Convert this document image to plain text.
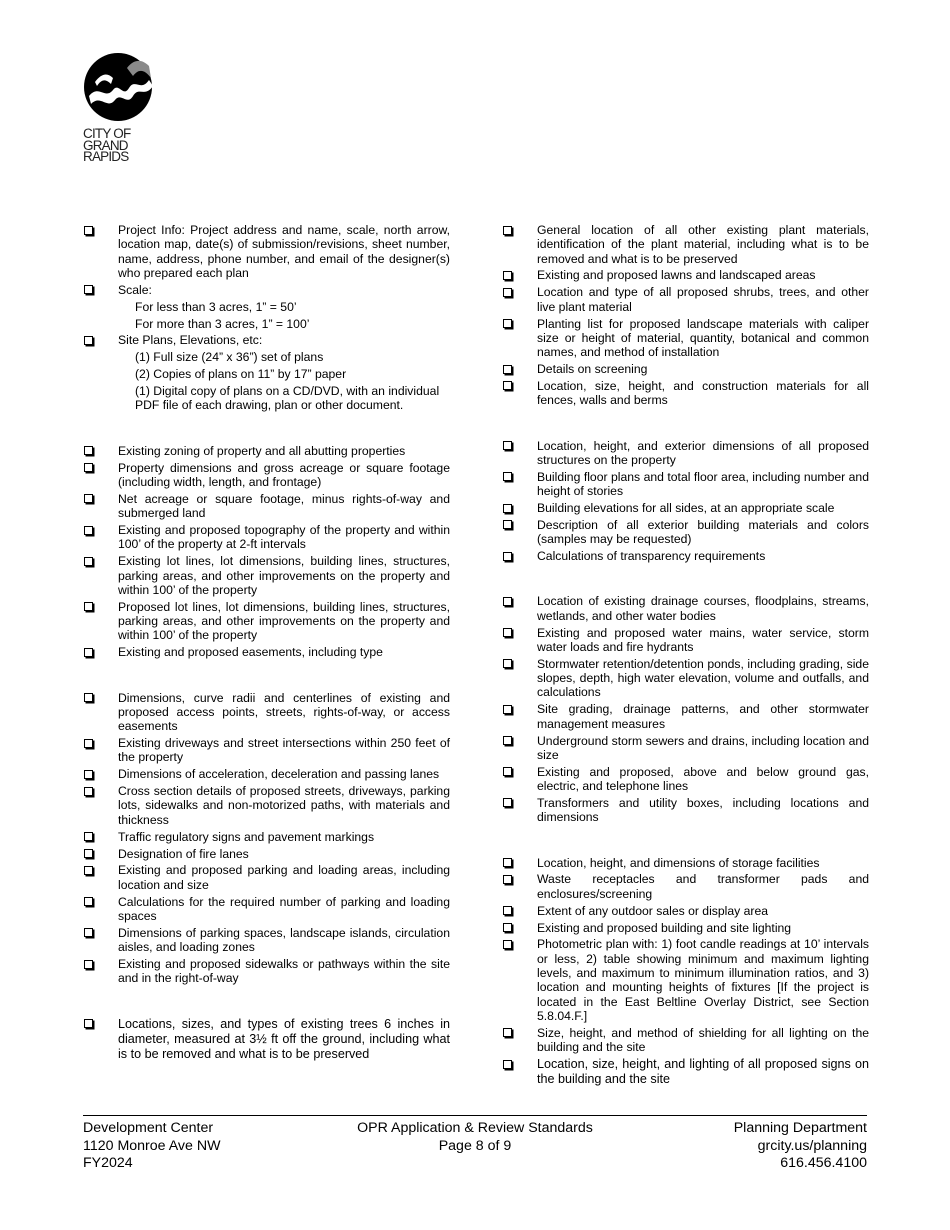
CITY OF
GRAND
RAPIDS
Project Info: Project address and name, scale, north arrow, location map, date(s) of submission/revisions, sheet number, name, address, phone number, and email of the designer(s) who prepared each plan
Scale:
For less than 3 acres, 1” = 50’
For more than 3 acres, 1” = 100’
Site Plans, Elevations, etc:
(1) Full size (24” x 36”) set of plans
(2) Copies of plans on 11” by 17” paper
(1) Digital copy of plans on a CD/DVD, with an individual PDF file of each drawing, plan or other document.
Existing zoning of property and all abutting properties
Property dimensions and gross acreage or square footage (including width, length, and frontage)
Net acreage or square footage, minus rights-of-way and submerged land
Existing and proposed topography of the property and within 100’ of the property at 2-ft intervals
Existing lot lines, lot dimensions, building lines, structures, parking areas, and other improvements on the property and within 100’ of the property
Proposed lot lines, lot dimensions, building lines, structures, parking areas, and other improvements on the property and within 100’ of the property
Existing and proposed easements, including type
Dimensions, curve radii and centerlines of existing and proposed access points, streets, rights-of-way, or access easements
Existing driveways and street intersections within 250 feet of the property
Dimensions of acceleration, deceleration and passing lanes
Cross section details of proposed streets, driveways, parking lots, sidewalks and non-motorized paths, with materials and thickness
Traffic regulatory signs and pavement markings
Designation of fire lanes
Existing and proposed parking and loading areas, including location and size
Calculations for the required number of parking and loading spaces
Dimensions of parking spaces, landscape islands, circulation aisles, and loading zones
Existing and proposed sidewalks or pathways within the site and in the right-of-way
Locations, sizes, and types of existing trees 6 inches in diameter, measured at 3½ ft off the ground, including what is to be removed and what is to be preserved
General location of all other existing plant materials, identification of the plant material, including what is to be removed and what is to be preserved
Existing and proposed lawns and landscaped areas
Location and type of all proposed shrubs, trees, and other live plant material
Planting list for proposed landscape materials with caliper size or height of material, quantity, botanical and common names, and method of installation
Details on screening
Location, size, height, and construction materials for all fences, walls and berms
Location, height, and exterior dimensions of all proposed structures on the property
Building floor plans and total floor area, including number and height of stories
Building elevations for all sides, at an appropriate scale
Description of all exterior building materials and colors (samples may be requested)
Calculations of transparency requirements
Location of existing drainage courses, floodplains, streams, wetlands, and other water bodies
Existing and proposed water mains, water service, storm water loads and fire hydrants
Stormwater retention/detention ponds, including grading, side slopes, depth, high water elevation, volume and outfalls, and calculations
Site grading, drainage patterns, and other stormwater management measures
Underground storm sewers and drains, including location and size
Existing and proposed, above and below ground gas, electric, and telephone lines
Transformers and utility boxes, including locations and dimensions
Location, height, and dimensions of storage facilities
Waste receptacles and transformer pads and enclosures/screening
Extent of any outdoor sales or display area
Existing and proposed building and site lighting
Photometric plan with: 1) foot candle readings at 10’ intervals or less, 2) table showing minimum and maximum lighting levels, and maximum to minimum illumination ratios, and 3) location and mounting heights of fixtures [If the project is located in the East Beltline Overlay District, see Section 5.8.04.F.]
Size, height, and method of shielding for all lighting on the building and the site
Location, size, height, and lighting of all proposed signs on the building and the site
Development Center
1120 Monroe Ave NW
FY2024
OPR Application & Review Standards
Page 8 of 9
Planning Department
grcity.us/planning
616.456.4100
